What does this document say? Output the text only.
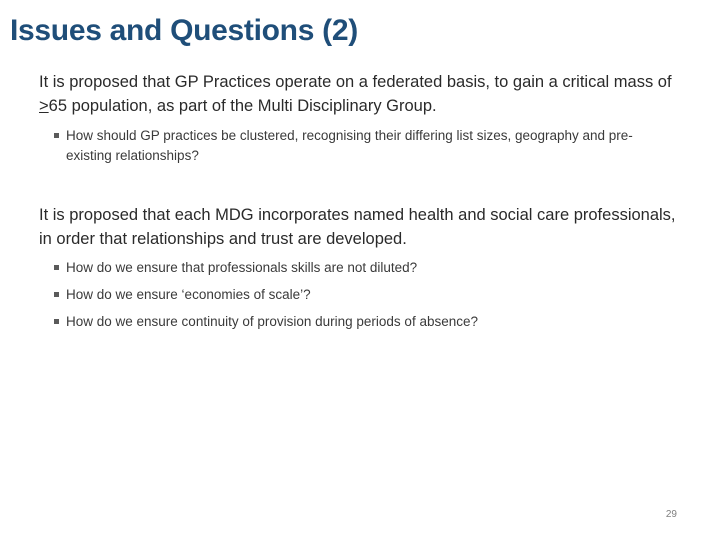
Issues and Questions (2)
It is proposed that GP Practices operate on a federated basis, to gain a critical mass of ≥65 population, as part of the Multi Disciplinary Group.
How should GP practices be clustered, recognising their differing list sizes, geography and pre-existing relationships?
It is proposed that each MDG incorporates named health and social care professionals, in order that relationships and trust are developed.
How do we ensure that professionals skills are not diluted?
How do we ensure ‘economies of scale’?
How do we ensure continuity of provision during periods of absence?
29
